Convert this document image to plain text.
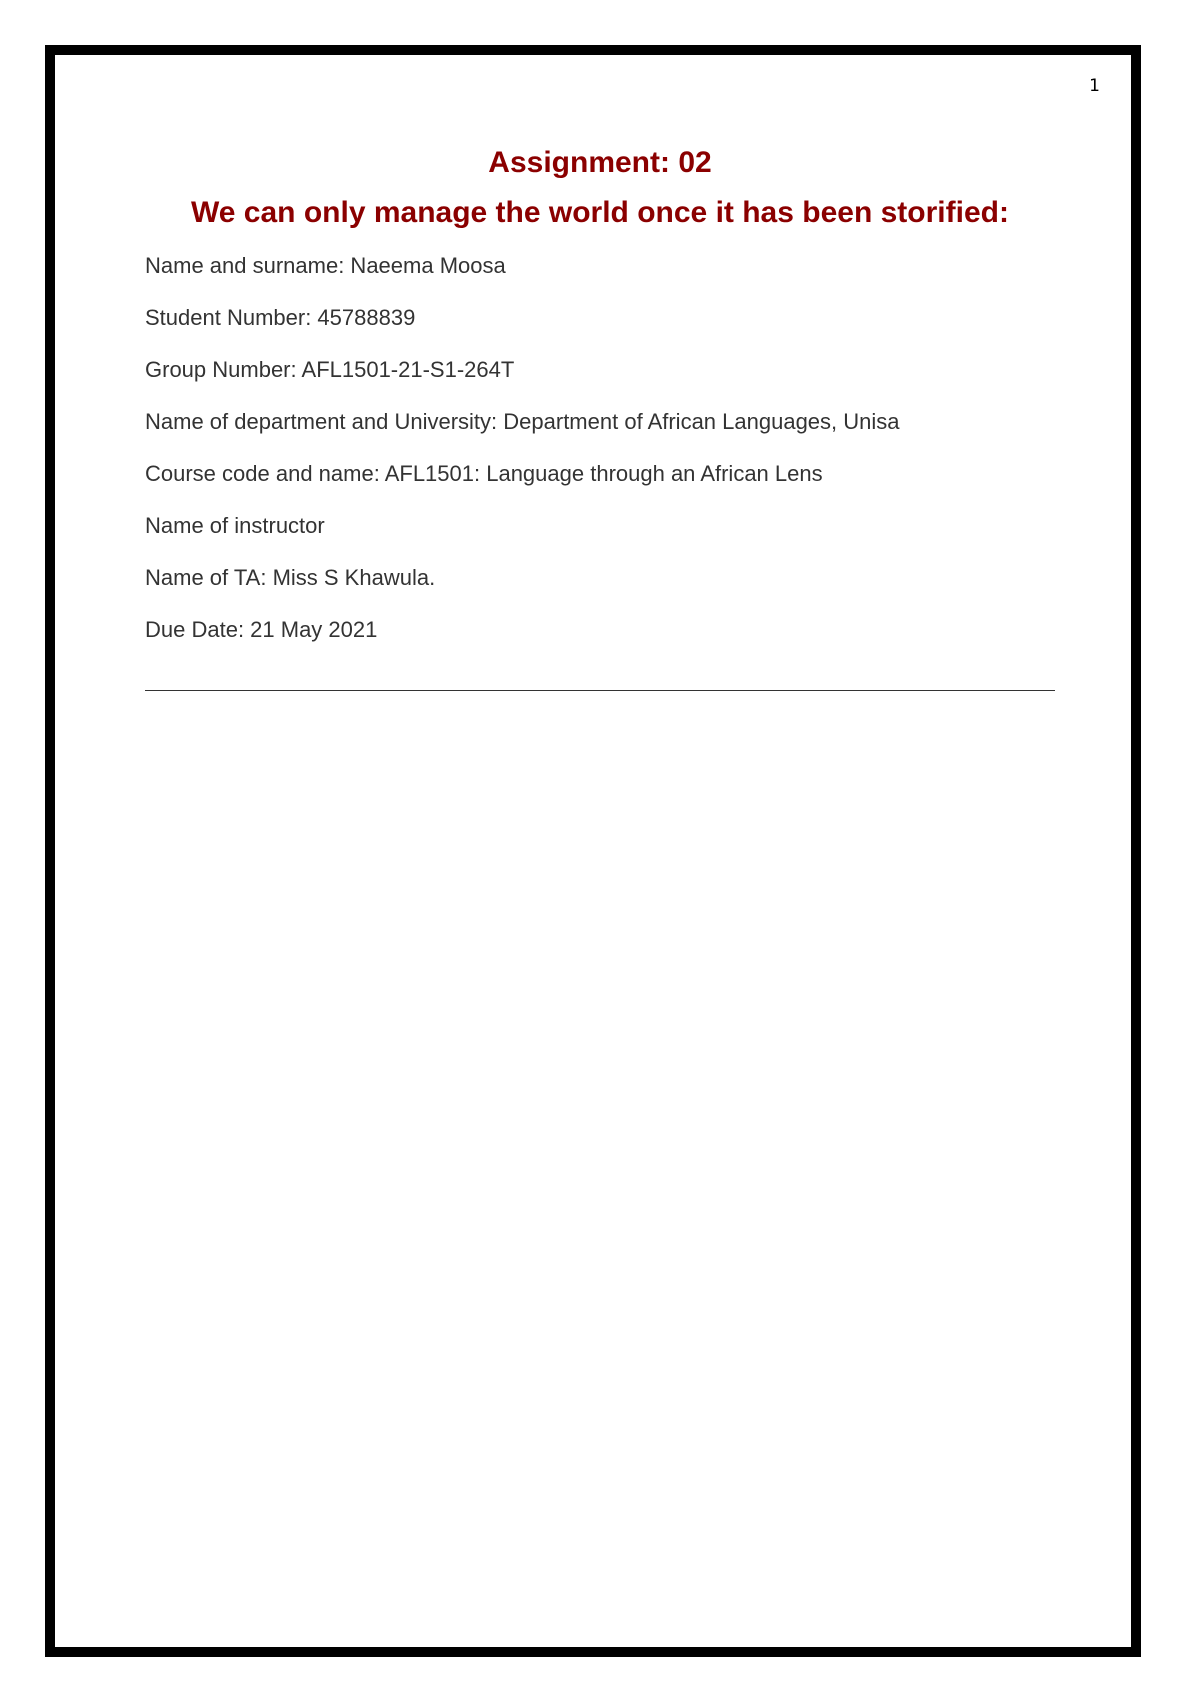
1
Assignment: 02
We can only manage the world once it has been storified:
Name and surname: Naeema Moosa
Student Number: 45788839
Group Number: AFL1501-21-S1-264T
Name of department and University: Department of African Languages, Unisa
Course code and name: AFL1501: Language through an African Lens
Name of instructor
Name of TA: Miss S Khawula.
Due Date: 21 May 2021
